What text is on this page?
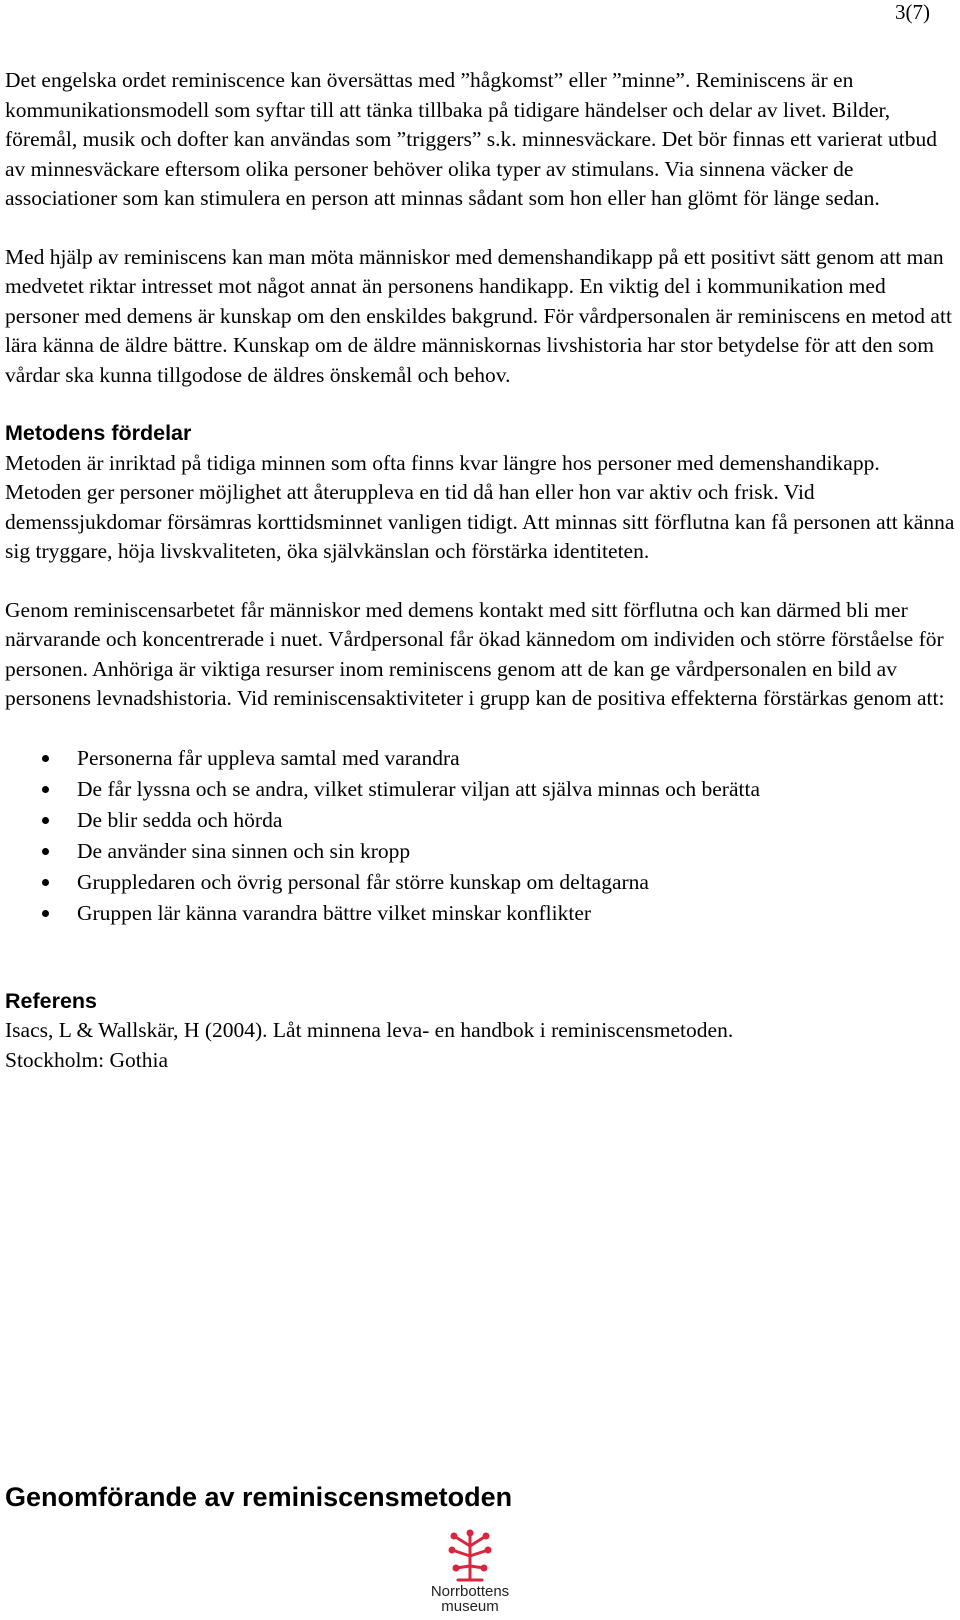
3(7)

Det engelska ordet reminiscence kan översättas med ”hågkomst” eller ”minne”. Reminiscens är en kommunikationsmodell som syftar till att tänka tillbaka på tidigare händelser och delar av livet. Bilder, föremål, musik och dofter kan användas som ”triggers” s.k. minnesväckare. Det bör finnas ett varierat utbud av minnesväckare eftersom olika personer behöver olika typer av stimulans. Via sinnena väcker de associationer som kan stimulera en person att minnas sådant som hon eller han glömt för länge sedan.

Med hjälp av reminiscens kan man möta människor med demenshandikapp på ett positivt sätt genom att man medvetet riktar intresset mot något annat än personens handikapp. En viktig del i kommunikation med personer med demens är kunskap om den enskildes bakgrund. För vårdpersonalen är reminiscens en metod att lära känna de äldre bättre. Kunskap om de äldre människornas livshistoria har stor betydelse för att den som vårdar ska kunna tillgodose de äldres önskemål och behov.

Metodens fördelar

Metoden är inriktad på tidiga minnen som ofta finns kvar längre hos personer med demenshandikapp. Metoden ger personer möjlighet att återuppleva en tid då han eller hon var aktiv och frisk. Vid demenssjukdomar försämras korttidsminnet vanligen tidigt. Att minnas sitt förflutna kan få personen att känna sig tryggare, höja livskvaliteten, öka självkänslan och förstärka identiteten.

Genom reminiscensarbetet får människor med demens kontakt med sitt förflutna och kan därmed bli mer närvarande och koncentrerade i nuet. Vårdpersonal får ökad kännedom om individen och större förståelse för personen. Anhöriga är viktiga resurser inom reminiscens genom att de kan ge vårdpersonalen en bild av personens levnadshistoria. Vid reminiscensaktiviteter i grupp kan de positiva effekterna förstärkas genom att:

Personerna får uppleva samtal med varandra
De får lyssna och se andra, vilket stimulerar viljan att själva minnas och berätta
De blir sedda och hörda
De använder sina sinnen och sin kropp
Gruppledaren och övrig personal får större kunskap om deltagarna
Gruppen lär känna varandra bättre vilket minskar konflikter
Referens

Isacs, L & Wallskär, H (2004). Låt minnena leva- en handbok i reminiscensmetoden.

Stockholm: Gothia

Genomförande av reminiscensmetoden
Norrbottens
museum
